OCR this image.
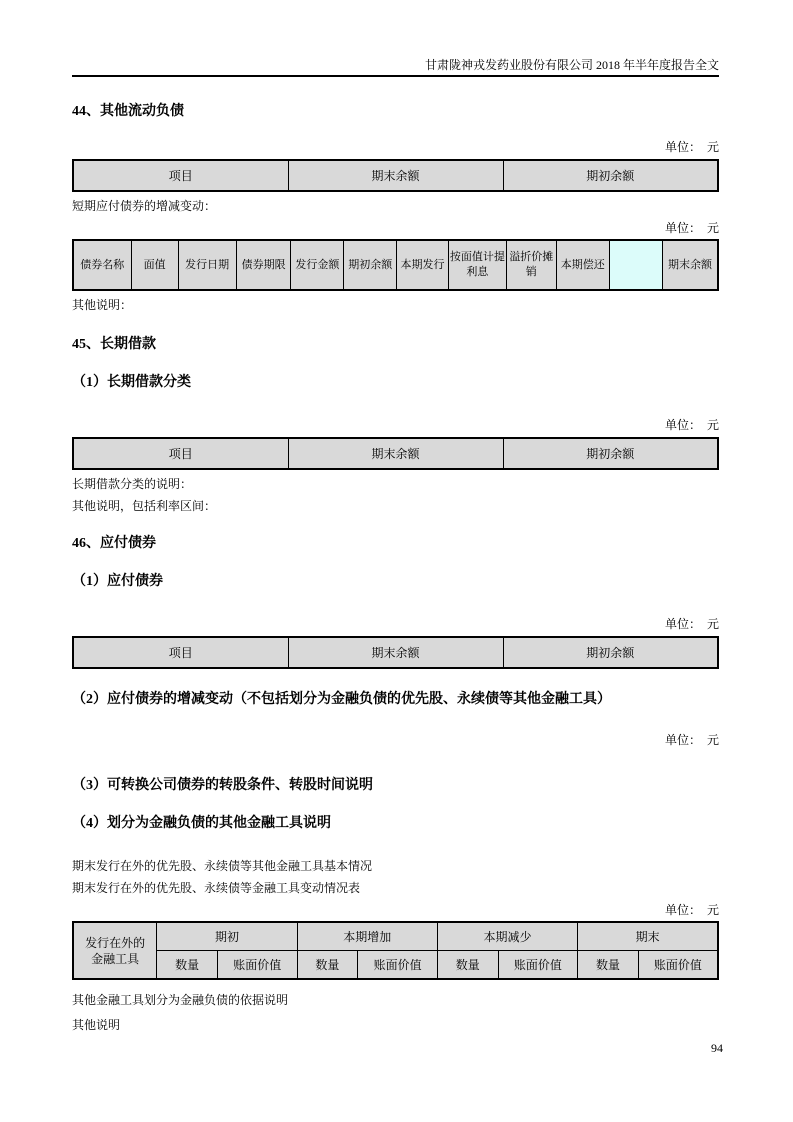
甘肃陇神戎发药业股份有限公司 2018 年半年度报告全文
44、其他流动负债
单位：　元
项目	期末余额	期初余额
短期应付债券的增减变动：
单位：　元
债券名称	面值	发行日期	债券期限	发行金额	期初余额	本期发行	按面值计提利息	溢折价摊销	本期偿还		期末余额
其他说明：
45、长期借款
（1）长期借款分类
单位：　元
项目	期末余额	期初余额
长期借款分类的说明：
其他说明，包括利率区间：
46、应付债券
（1）应付债券
单位：　元
项目	期末余额	期初余额
（2）应付债券的增减变动（不包括划分为金融负债的优先股、永续债等其他金融工具）
单位：　元
（3）可转换公司债券的转股条件、转股时间说明
（4）划分为金融负债的其他金融工具说明
期末发行在外的优先股、永续债等其他金融工具基本情况
期末发行在外的优先股、永续债等金融工具变动情况表
单位：　元
发行在外的金融工具	期初		本期增加		本期减少		期末	
	数量	账面价值	数量	账面价值	数量	账面价值	数量	账面价值
其他金融工具划分为金融负债的依据说明
其他说明
94
